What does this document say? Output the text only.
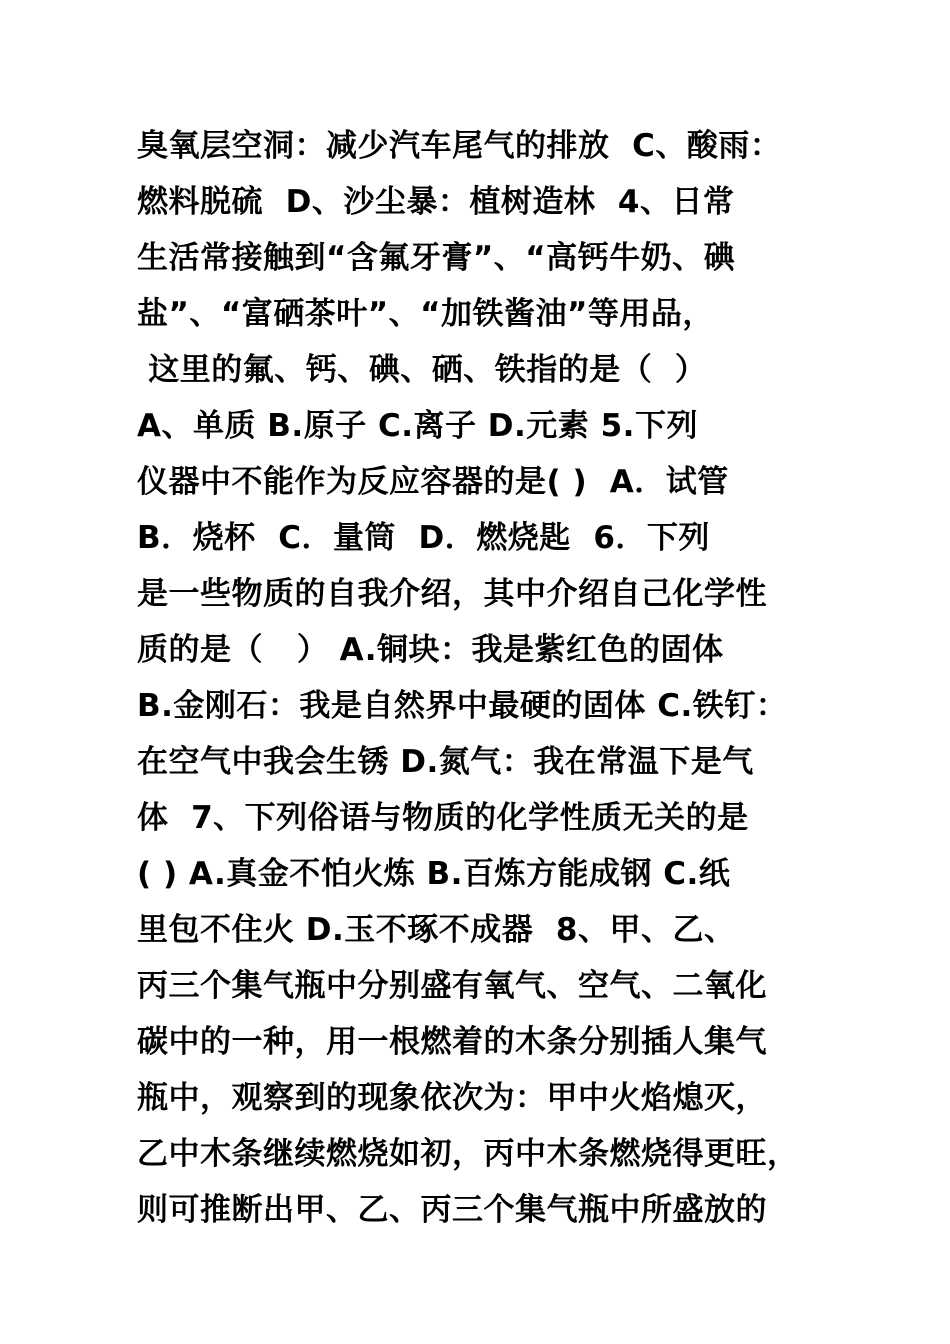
臭氧层空洞：减少汽车尾气的排放  C、酸雨：
燃料脱硫  D、沙尘暴：植树造林  4、日常
生活常接触到“含氟牙膏”、“高钙牛奶、碘
盐”、“富硒茶叶”、“加铁酱油”等用品，
这里的氟、钙、碘、硒、铁指的是（  ）
A、单质 B.原子 C.离子 D.元素 5.下列
仪器中不能作为反应容器的是( )  A．试管
B．烧杯  C．量筒  D．燃烧匙  6．下列
是一些物质的自我介绍，其中介绍自己化学性
质的是（   ） A.铜块：我是紫红色的固体
B.金刚石：我是自然界中最硬的固体 C.铁钉：
在空气中我会生锈 D.氮气：我在常温下是气
体  7、下列俗语与物质的化学性质无关的是
( ) A.真金不怕火炼 B.百炼方能成钢 C.纸
里包不住火 D.玉不琢不成器  8、甲、乙、
丙三个集气瓶中分别盛有氧气、空气、二氧化
碳中的一种，用一根燃着的木条分别插人集气
瓶中，观察到的现象依次为：甲中火焰熄灭，
乙中木条继续燃烧如初，丙中木条燃烧得更旺，
则可推断出甲、乙、丙三个集气瓶中所盛放的
